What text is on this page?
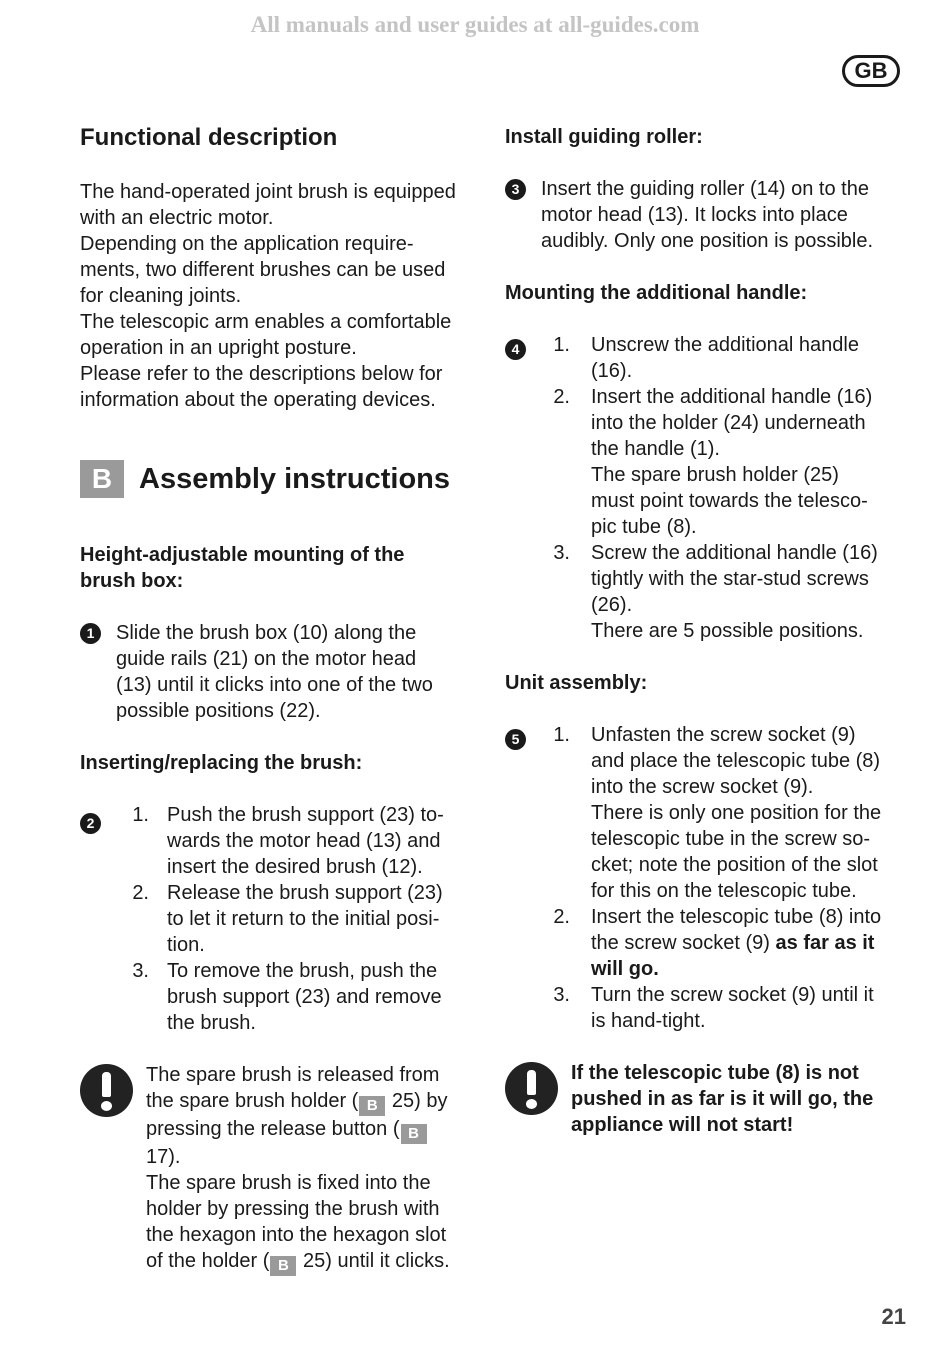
All manuals and user guides at all-guides.com
GB

Functional description

The hand-operated joint brush is equipped

with an electric motor.

Depending on the application require-

ments, two different brushes can be used

for cleaning joints.

The telescopic arm enables a comfortable

operation in an upright posture.

Please refer to the descriptions below for

information about the operating devices.

B Assembly instructions

Height-adjustable mounting of the

brush box:

1	Slide the brush box (10) along the

guide rails (21) on the motor head

(13) until it clicks into one of the two

possible positions (22).

Inserting/replacing the brush:

2	1. Push the brush support (23) to-

wards the motor head (13) and

insert the desired brush (12).

2. Release the brush support (23)

to let it return to the initial posi-

tion.

3. To remove the brush, push the

brush support (23) and remove

the brush.

The spare brush is released from

the spare brush holder ( B 25) by

pressing the release button ( B

17).

The spare brush is fixed into the

holder by pressing the brush with

the hexagon into the hexagon slot

of the holder ( B 25) until it clicks.

Install guiding roller:

3	Insert the guiding roller (14) on to the

motor head (13). It locks into place

audibly. Only one position is possible.

Mounting the additional handle:

4	1. Unscrew the additional handle

(16).

2. Insert the additional handle (16)

into the holder (24) underneath

the handle (1).

The spare brush holder (25)

must point towards the telesco-

pic tube (8).

3. Screw the additional handle (16)

tightly with the star-stud screws

(26).

There are 5 possible positions.

Unit assembly:

5	1. Unfasten the screw socket (9)

and place the telescopic tube (8)

into the screw socket (9).

There is only one position for the

telescopic tube in the screw so-

cket; note the position of the slot

for this on the telescopic tube.

2. Insert the telescopic tube (8) into

the screw socket (9) as far as it

will go.

3. Turn the screw socket (9) until it

is hand-tight.

If the telescopic tube (8) is not

pushed in as far is it will go, the

appliance will not start!

21
